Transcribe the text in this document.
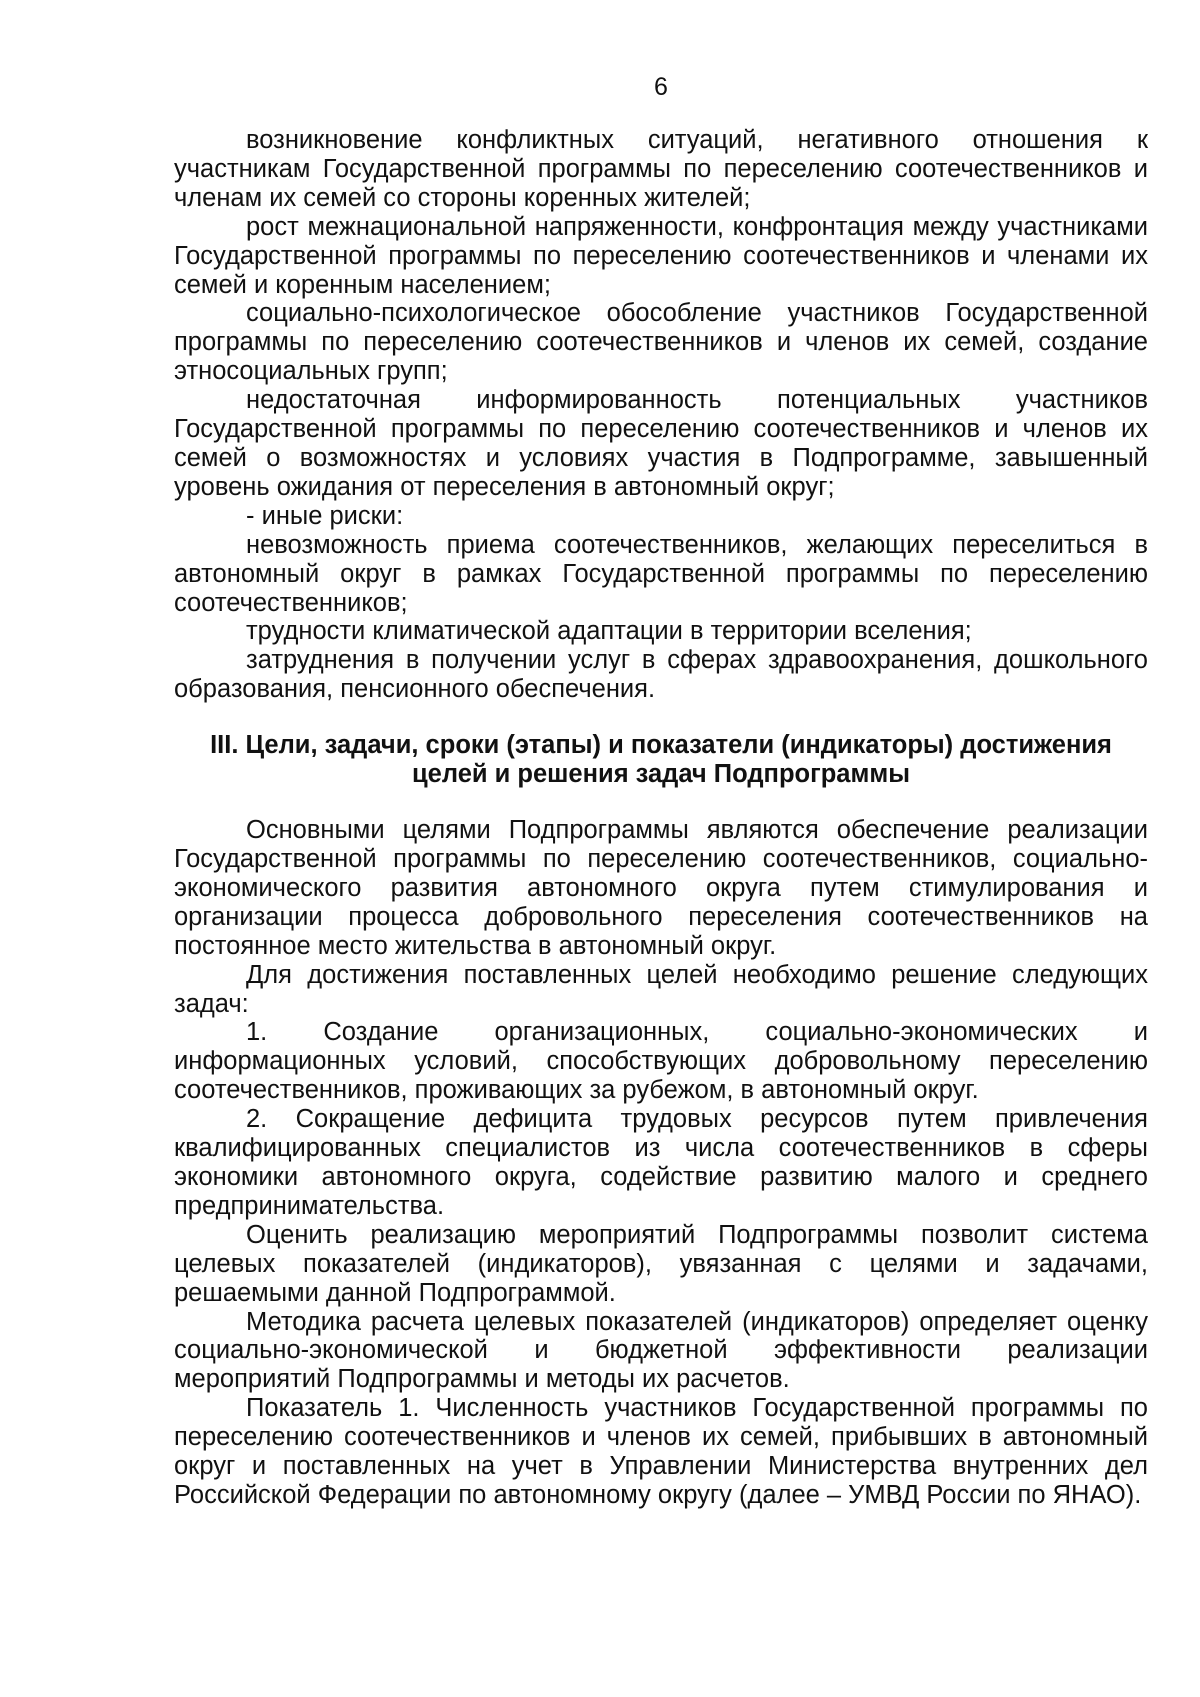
6

возникновение конфликтных ситуаций, негативного отношения к участникам Государственной программы по переселению соотечественников и членам их семей со стороны коренных жителей;

рост межнациональной напряженности, конфронтация между участниками Государственной программы по переселению соотечественников и членами их семей и коренным населением;

социально-психологическое обособление участников Государственной программы по переселению соотечественников и членов их семей, создание этносоциальных групп;

недостаточная информированность потенциальных участников Государственной программы по переселению соотечественников и членов их семей о возможностях и условиях участия в Подпрограмме, завышенный уровень ожидания от переселения в автономный округ;

- иные риски:

невозможность приема соотечественников, желающих переселиться в автономный округ в рамках Государственной программы по переселению соотечественников;

трудности климатической адаптации в территории вселения;

затруднения в получении услуг в сферах здравоохранения, дошкольного образования, пенсионного обеспечения.

III. Цели, задачи, сроки (этапы) и показатели (индикаторы) достижения целей и решения задач Подпрограммы

Основными целями Подпрограммы являются обеспечение реализации Государственной программы по переселению соотечественников, социально-экономического развития автономного округа путем стимулирования и организации процесса добровольного переселения соотечественников на постоянное место жительства в автономный округ.

Для достижения поставленных целей необходимо решение следующих задач:

1. Создание организационных, социально-экономических и информационных условий, способствующих добровольному переселению соотечественников, проживающих за рубежом, в автономный округ.

2. Сокращение дефицита трудовых ресурсов путем привлечения квалифицированных специалистов из числа соотечественников в сферы экономики автономного округа, содействие развитию малого и среднего предпринимательства.

Оценить реализацию мероприятий Подпрограммы позволит система целевых показателей (индикаторов), увязанная с целями и задачами, решаемыми данной Подпрограммой.

Методика расчета целевых показателей (индикаторов) определяет оценку социально-экономической и бюджетной эффективности реализации мероприятий Подпрограммы и методы их расчетов.

Показатель 1. Численность участников Государственной программы по переселению соотечественников и членов их семей, прибывших в автономный округ и поставленных на учет в Управлении Министерства внутренних дел Российской Федерации по автономному округу (далее – УМВД России по ЯНАО).
